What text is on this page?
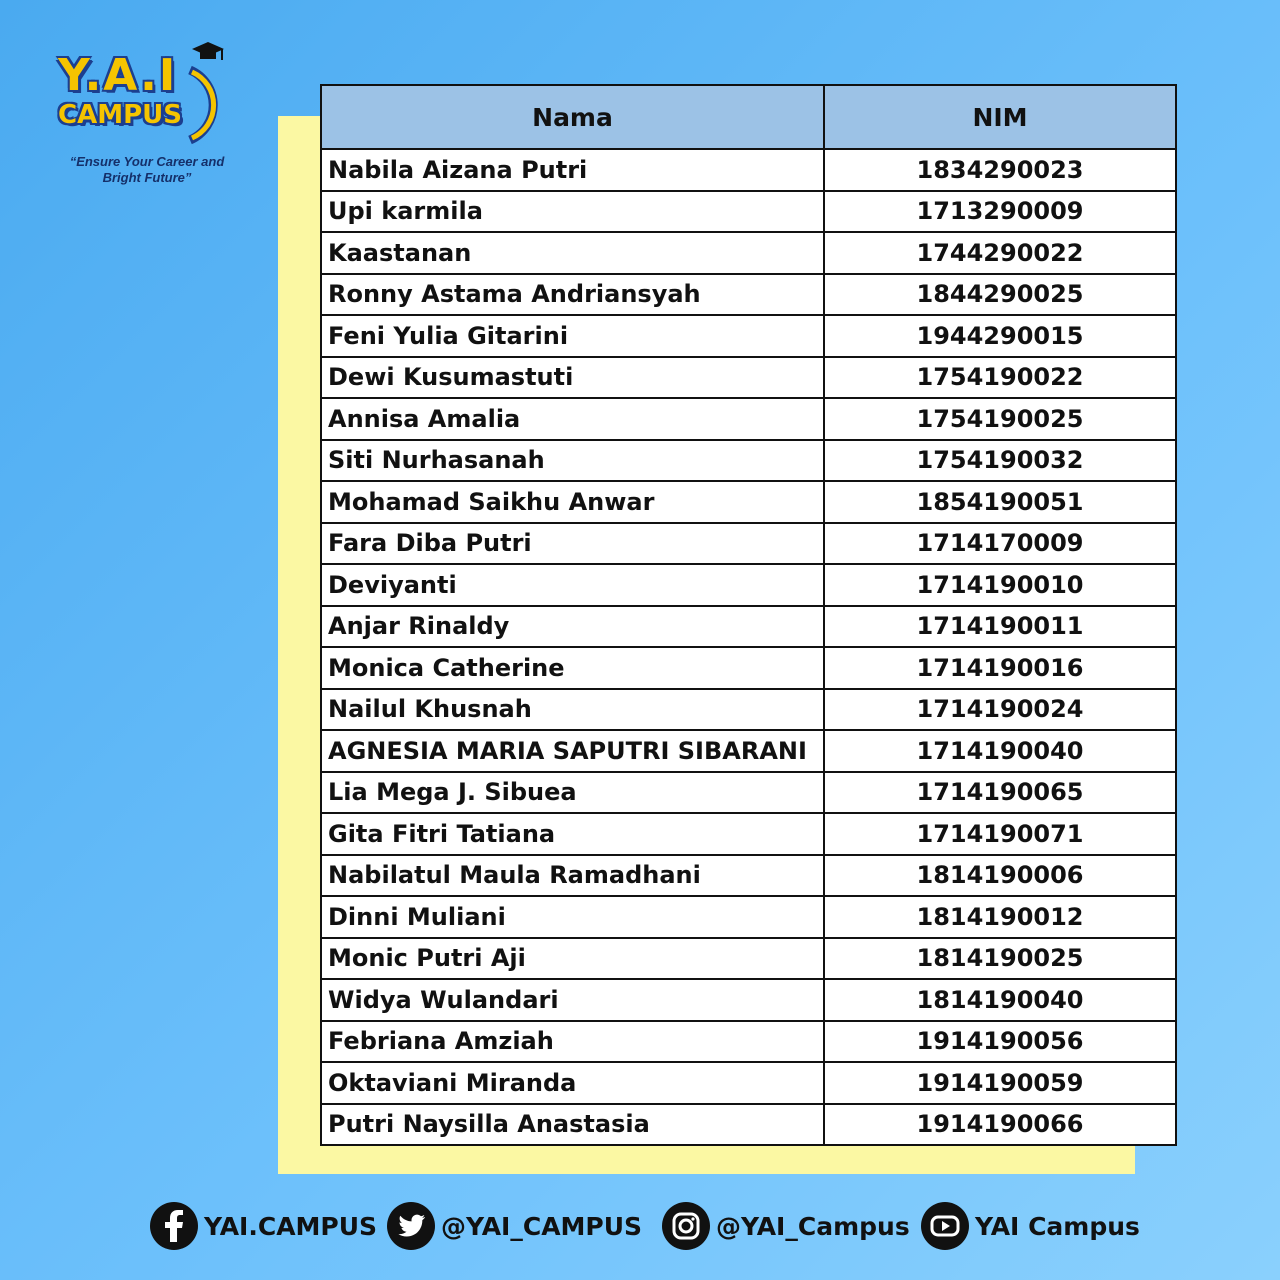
Y.A.I
CAMPUS
“Ensure Your Career and
Bright Future”
Nama	NIM
Nabila Aizana Putri	1834290023
Upi karmila	1713290009
Kaastanan	1744290022
Ronny Astama Andriansyah	1844290025
Feni Yulia Gitarini	1944290015
Dewi Kusumastuti	1754190022
Annisa Amalia	1754190025
Siti Nurhasanah	1754190032
Mohamad Saikhu Anwar	1854190051
Fara Diba Putri	1714170009
Deviyanti	1714190010
Anjar Rinaldy	1714190011
Monica Catherine	1714190016
Nailul Khusnah	1714190024
AGNESIA MARIA SAPUTRI SIBARANI	1714190040
Lia Mega J. Sibuea	1714190065
Gita Fitri Tatiana	1714190071
Nabilatul Maula Ramadhani	1814190006
Dinni Muliani	1814190012
Monic Putri Aji	1814190025
Widya Wulandari	1814190040
Febriana Amziah	1914190056
Oktaviani Miranda	1914190059
Putri Naysilla Anastasia	1914190066
YAI.CAMPUS	@YAI_CAMPUS	@YAI_Campus	YAI Campus
